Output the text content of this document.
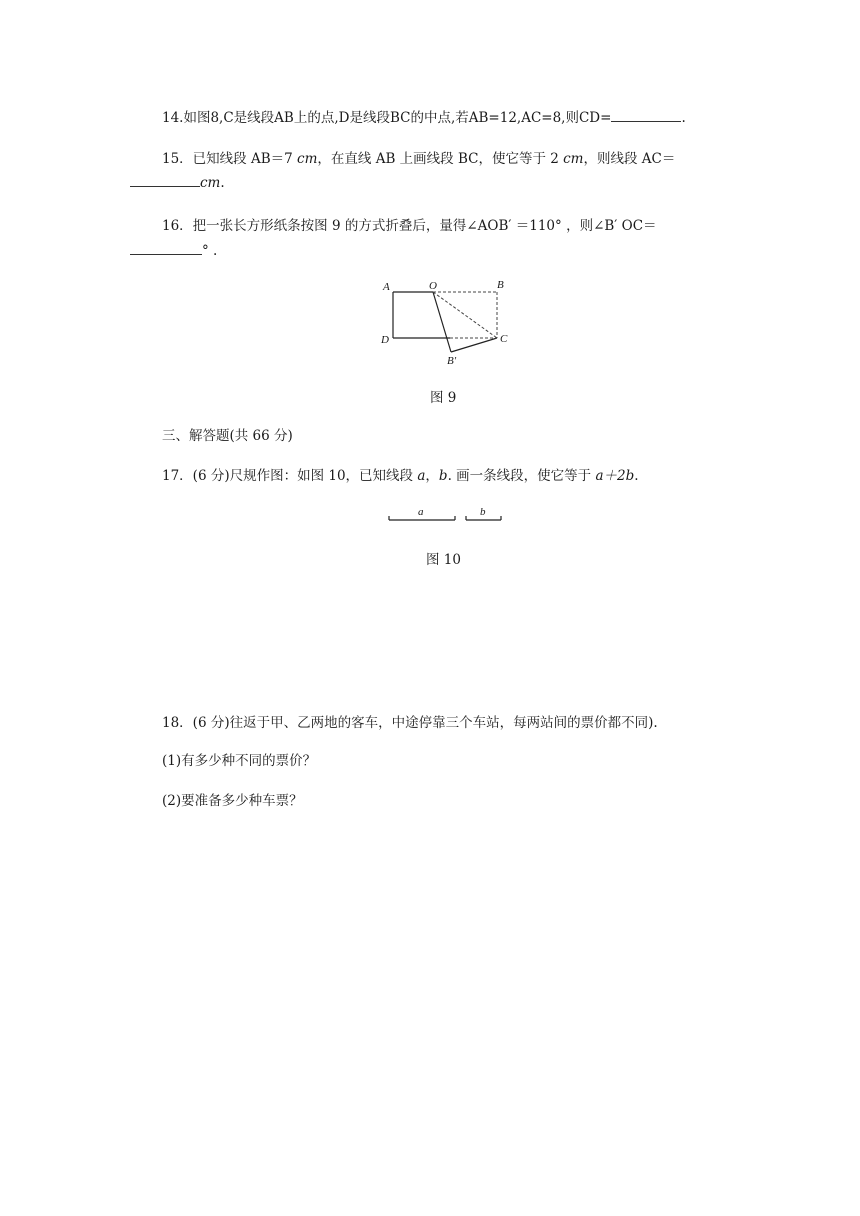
14.如图8,C是线段AB上的点,D是线段BC的中点,若AB=12,AC=8,则CD=	.
15．已知线段 AB＝7 cm，在直线 AB 上画线段 BC，使它等于 2 cm，则线段 AC＝
cm.
16．把一张长方形纸条按图 9 的方式折叠后，量得∠AOB′ ＝110° ，则∠B′ OC＝
° .
A	O	B
D	C
B′
图 9
三、解答题(共 66 分)
17．(6 分)尺规作图：如图 10，已知线段 a，b. 画一条线段，使它等于 a＋2b.
a	b
图 10
18．(6 分)往返于甲、乙两地的客车，中途停靠三个车站，每两站间的票价都不同).
(1)有多少种不同的票价？
(2)要准备多少种车票？
